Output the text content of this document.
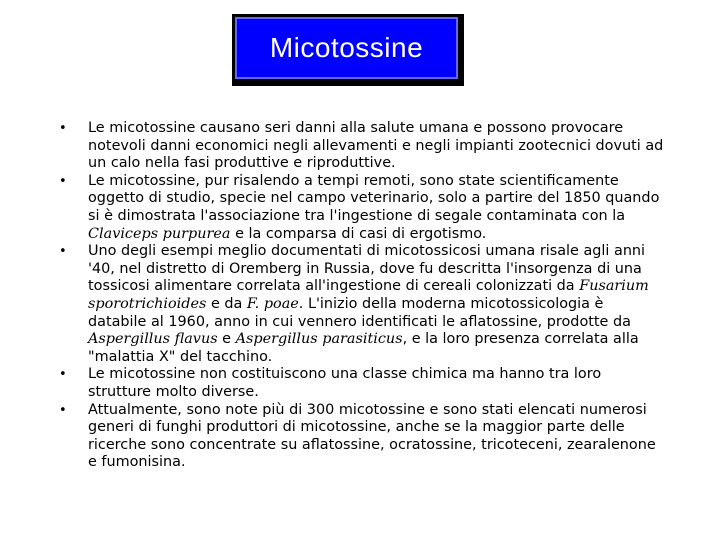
Micotossine
• Le micotossine causano seri danni alla salute umana e possono provocare notevoli danni economici negli allevamenti e negli impianti zootecnici dovuti ad un calo nella fasi produttive e riproduttive.
• Le micotossine, pur risalendo a tempi remoti, sono state scientificamente oggetto di studio, specie nel campo veterinario, solo a partire del 1850 quando si è dimostrata l'associazione tra l'ingestione di segale contaminata con la Claviceps purpurea e la comparsa di casi di ergotismo.
• Uno degli esempi meglio documentati di micotossicosi umana risale agli anni '40, nel distretto di Oremberg in Russia, dove fu descritta l'insorgenza di una tossicosi alimentare correlata all'ingestione di cereali colonizzati da Fusarium sporotrichioides e da F. poae. L'inizio della moderna micotossicologia è databile al 1960, anno in cui vennero identificati le aflatossine, prodotte da Aspergillus flavus e Aspergillus parasiticus, e la loro presenza correlata alla "malattia X" del tacchino.
• Le micotossine non costituiscono una classe chimica ma hanno tra loro strutture molto diverse.
• Attualmente, sono note più di 300 micotossine e sono stati elencati numerosi generi di funghi produttori di micotossine, anche se la maggior parte delle ricerche sono concentrate su aflatossine, ocratossine, tricoteceni, zearalenone e fumonisina.
